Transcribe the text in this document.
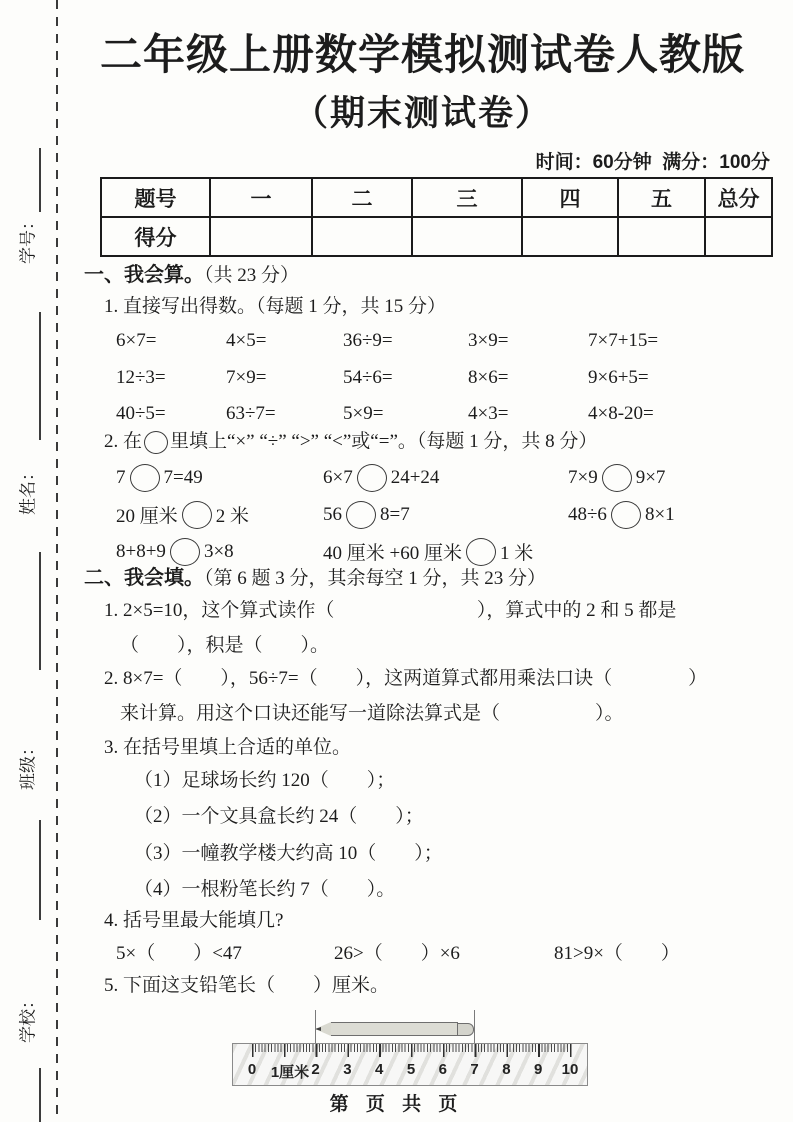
学号：
姓名：
班级：
学校：
二年级上册数学模拟测试卷人教版
（期末测试卷）
时间：60分钟  满分：100分
题号	一	二	三	四	五	总分
得分						
一、我会算。（共 23 分）
1. 直接写出得数。（每题 1 分，共 15 分）
6×7=	4×5=	36÷9=	3×9=	7×7+15=
12÷3=	7×9=	54÷6=	8×6=	9×6+5=
40÷5=	63÷7=	5×9=	4×3=	4×8-20=
2. 在 里填上“×” “÷” “>” “<”或“=”。（每题 1 分，共 8 分）
7 7=49	6×7 24+24	7×9 9×7
20 厘米 2 米	56 8=7	48÷6 8×1
8+8+9 3×8	40 厘米 +60 厘米 1 米
二、我会填。（第 6 题 3 分，其余每空 1 分，共 23 分）
1. 2×5=10，这个算式读作（                              ），算式中的 2 和 5 都是
（        ），积是（        ）。
2. 8×7=（        ），56÷7=（        ），这两道算式都用乘法口诀（                ）
来计算。用这个口诀还能写一道除法算式是（                    ）。
3. 在括号里填上合适的单位。
（1）足球场长约 120（        ）；
（2）一个文具盒长约 24（        ）；
（3）一幢教学楼大约高 10（        ）；
（4）一根粉笔长约 7（        ）。
4. 括号里最大能填几?
5×（        ）<47	26>（        ）×6	81>9×（        ）
5. 下面这支铅笔长（        ）厘米。
0 1厘米 2 3 4 5 6 7 8 9 10
第 页 共 页
